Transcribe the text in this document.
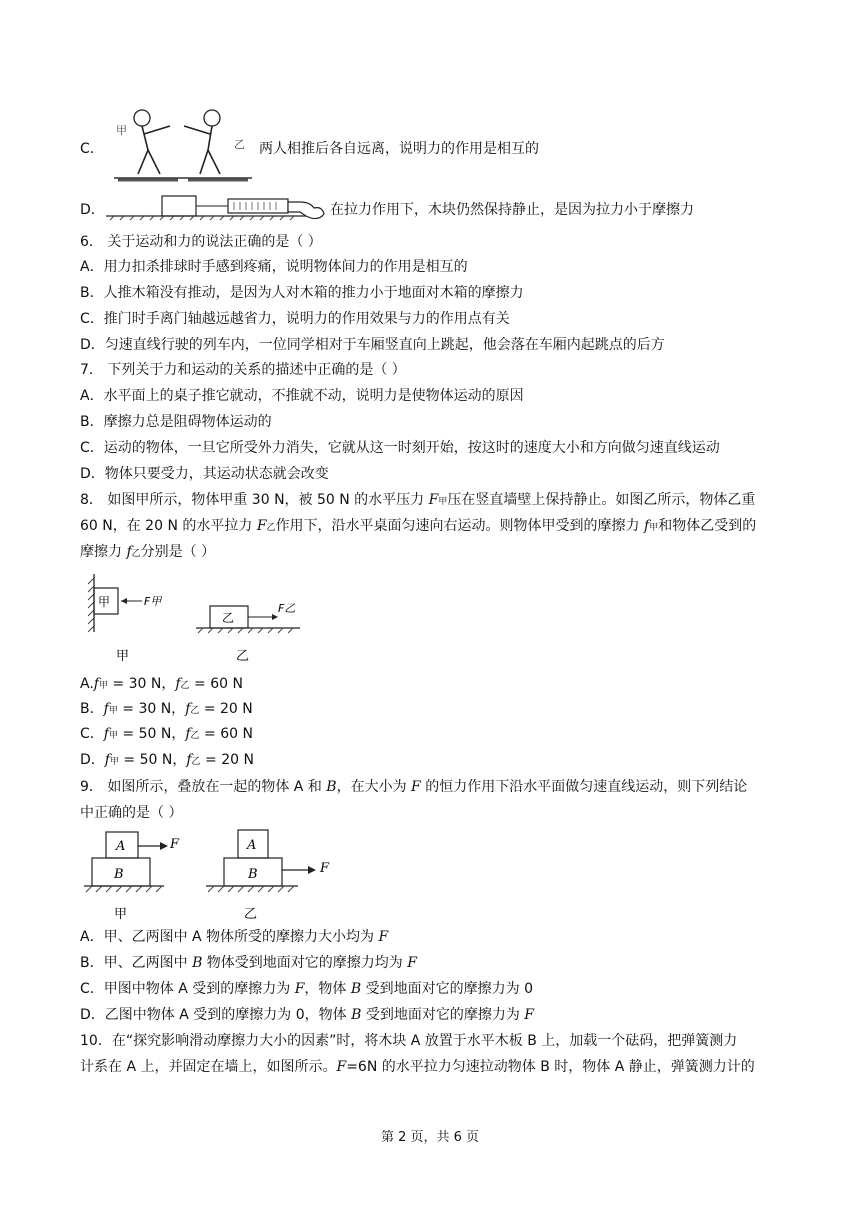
C．
甲
乙 两人相推后各自远离，说明力的作用是相互的
D．	在拉力作用下，木块仍然保持静止，是因为拉力小于摩擦力
6． 关于运动和力的说法正确的是（ ）
A．用力扣杀排球时手感到疼痛，说明物体间力的作用是相互的
B．人推木箱没有推动，是因为人对木箱的推力小于地面对木箱的摩擦力
C．推门时手离门轴越远越省力，说明力的作用效果与力的作用点有关
D．匀速直线行驶的列车内，一位同学相对于车厢竖直向上跳起，他会落在车厢内起跳点的后方
7． 下列关于力和运动的关系的描述中正确的是（ ）
A．水平面上的桌子推它就动，不推就不动，说明力是使物体运动的原因
B．摩擦力总是阻碍物体运动的
C．运动的物体，一旦它所受外力消失，它就从这一时刻开始，按这时的速度大小和方向做匀速直线运动
D．物体只要受力，其运动状态就会改变
8． 如图甲所示，物体甲重 30 N，被 50 N 的水平压力 F甲压在竖直墙壁上保持静止。如图乙所示，物体乙重
60 N，在 20 N 的水平拉力 F乙作用下，沿水平桌面匀速向右运动。则物体甲受到的摩擦力 f甲和物体乙受到的
摩擦力 f乙分别是（ ）
甲	F甲
乙
F乙
甲	乙
A.f甲 = 30 N，f乙 = 60 N
B．f甲 = 30 N，f乙 = 20 N
C．f甲 = 50 N，f乙 = 60 N
D．f甲 = 50 N，f乙 = 20 N
9． 如图所示，叠放在一起的物体 A 和 B，在大小为 F 的恒力作用下沿水平面做匀速直线运动，则下列结论
中正确的是（ ）
A
B
F	A
B	F
甲	乙
A．甲、乙两图中 A 物体所受的摩擦力大小均为 F
B．甲、乙两图中 B 物体受到地面对它的摩擦力均为 F
C．甲图中物体 A 受到的摩擦力为 F，物体 B 受到地面对它的摩擦力为 0
D．乙图中物体 A 受到的摩擦力为 0，物体 B 受到地面对它的摩擦力为 F
10．在“探究影响滑动摩擦力大小的因素”时，将木块 A 放置于水平木板 B 上，加载一个砝码，把弹簧测力
计系在 A 上，并固定在墙上，如图所示。F=6N 的水平拉力匀速拉动物体 B 时，物体 A 静止，弹簧测力计的
第 2 页，共 6 页
